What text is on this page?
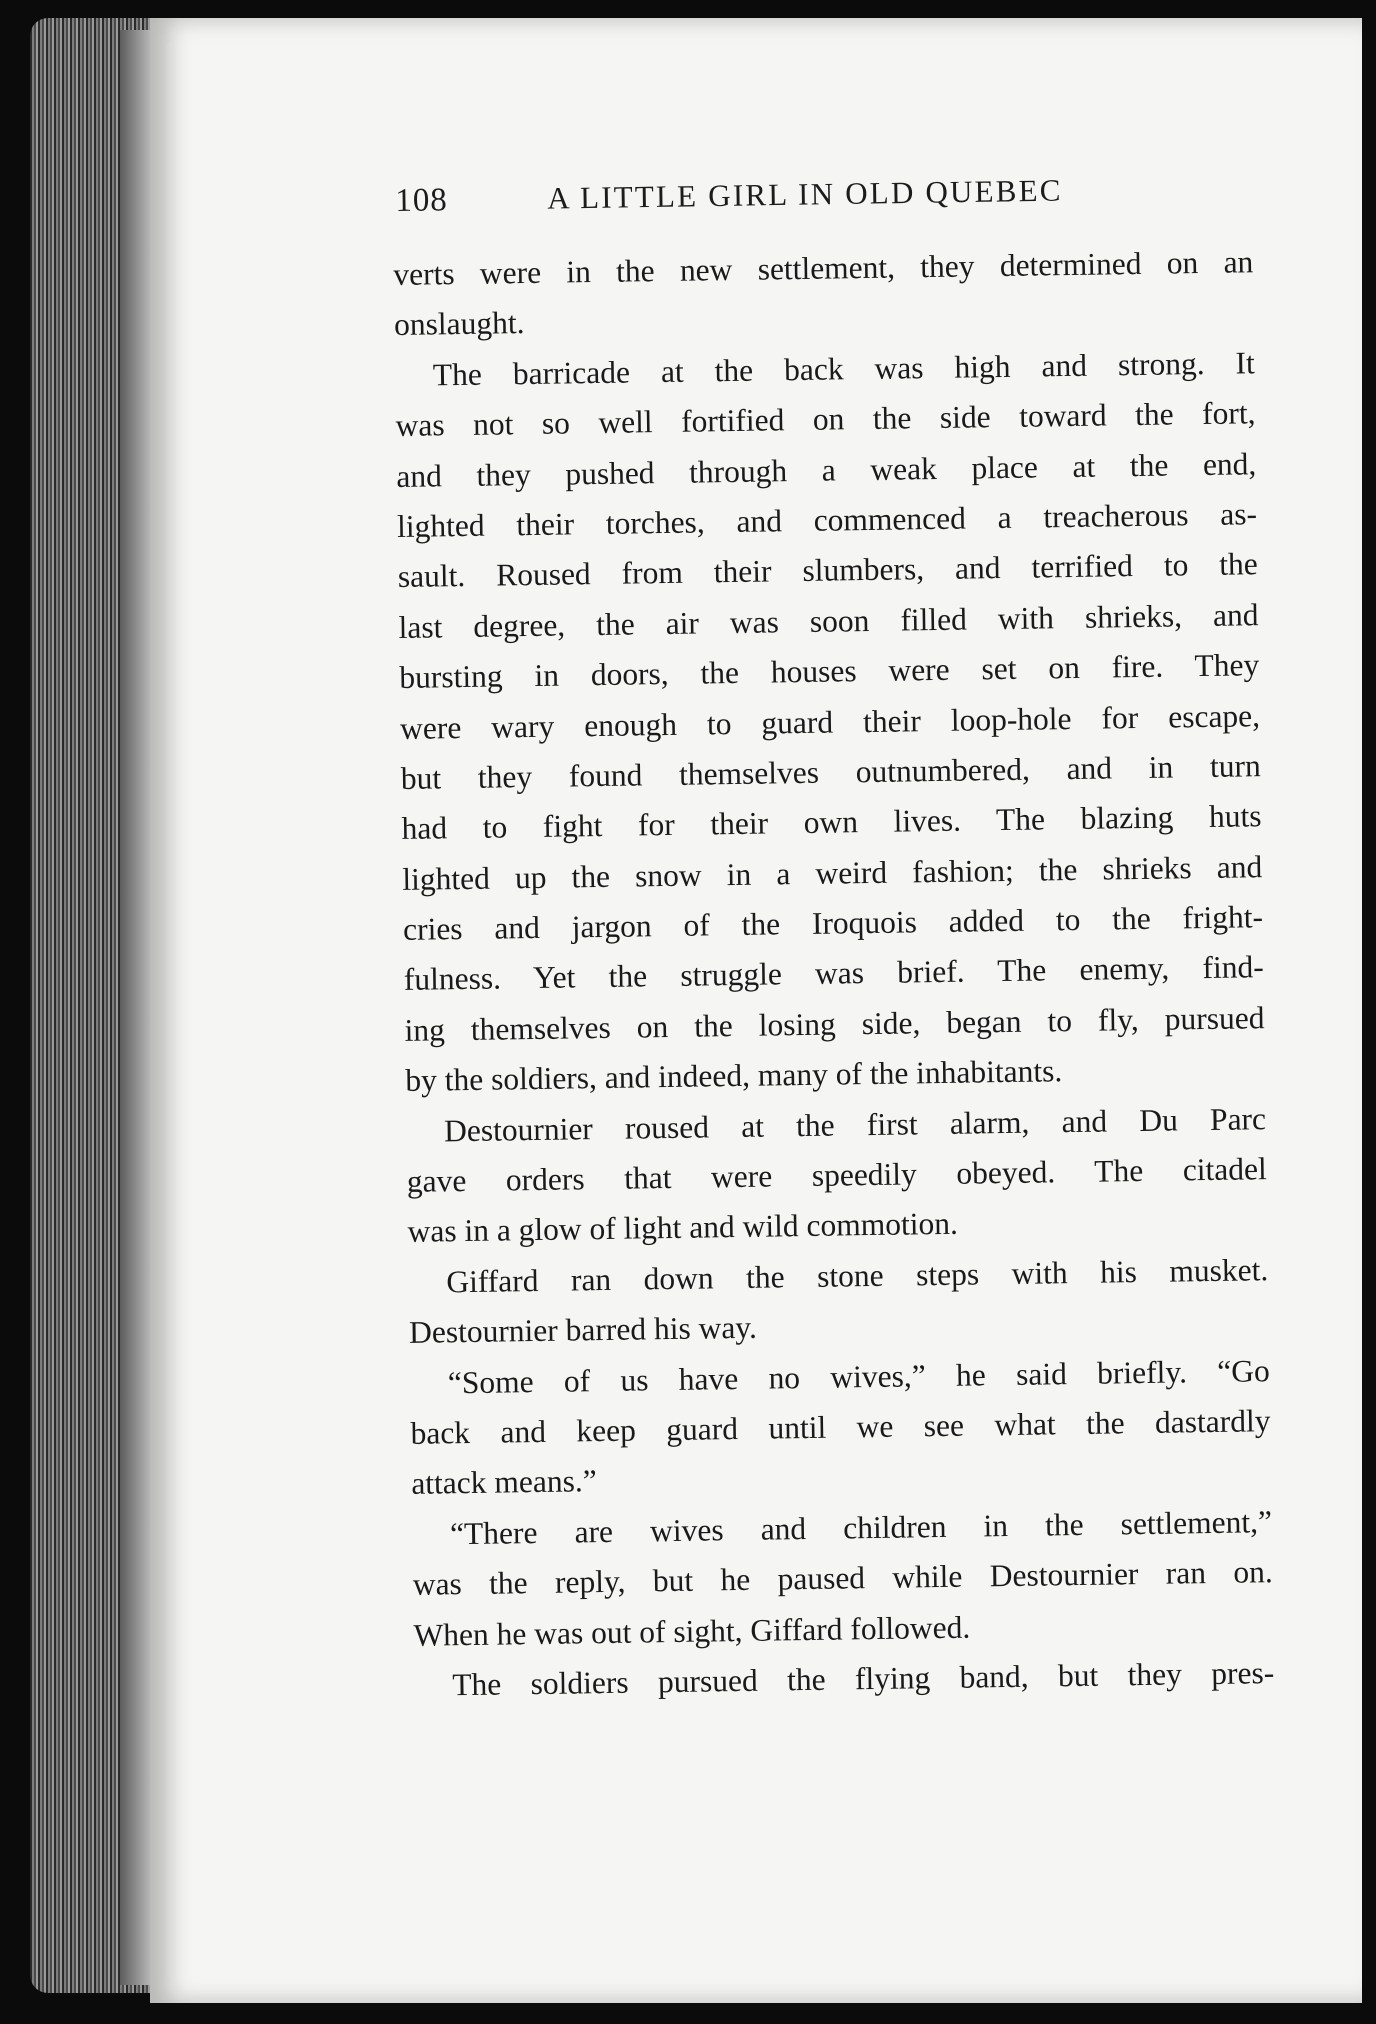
108	A LITTLE GIRL IN OLD QUEBEC
verts were in the new settlement, they determined on an
onslaught.
The barricade at the back was high and strong. It
was not so well fortified on the side toward the fort,
and they pushed through a weak place at the end,
lighted their torches, and commenced a treacherous as-
sault. Roused from their slumbers, and terrified to the
last degree, the air was soon filled with shrieks, and
bursting in doors, the houses were set on fire. They
were wary enough to guard their loop-hole for escape,
but they found themselves outnumbered, and in turn
had to fight for their own lives. The blazing huts
lighted up the snow in a weird fashion; the shrieks and
cries and jargon of the Iroquois added to the fright-
fulness. Yet the struggle was brief. The enemy, find-
ing themselves on the losing side, began to fly, pursued
by the soldiers, and indeed, many of the inhabitants.
Destournier roused at the first alarm, and Du Parc
gave orders that were speedily obeyed. The citadel
was in a glow of light and wild commotion.
Giffard ran down the stone steps with his musket.
Destournier barred his way.
“Some of us have no wives,” he said briefly. “Go
back and keep guard until we see what the dastardly
attack means.”
“There are wives and children in the settlement,”
was the reply, but he paused while Destournier ran on.
When he was out of sight, Giffard followed.
The soldiers pursued the flying band, but they pres-
